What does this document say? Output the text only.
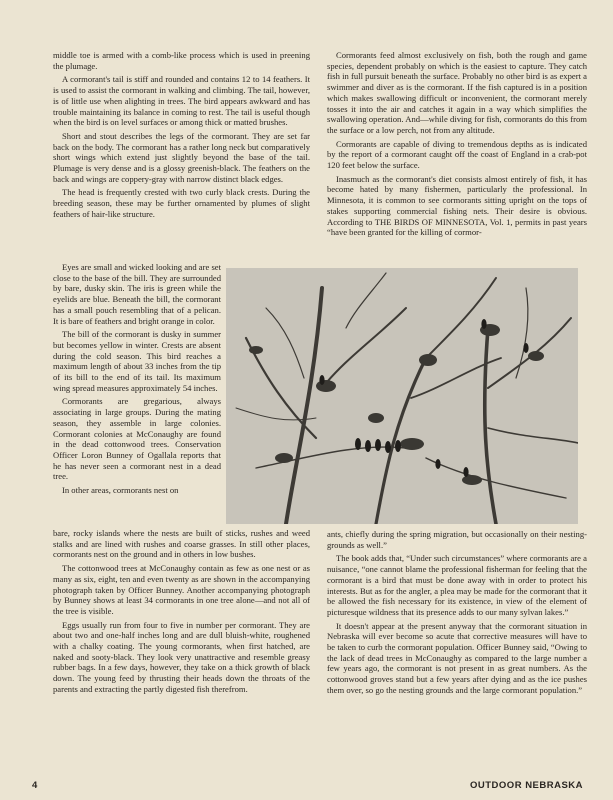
middle toe is armed with a comb-like process which is used in preening the plumage.

A cormorant's tail is stiff and rounded and contains 12 to 14 feathers. It is used to assist the cormorant in walking and climbing. The tail, however, is of little use when alighting in trees. The bird appears awkward and has trouble maintaining its balance in coming to rest. The tail is useful though when the bird is on level surfaces or among thick or matted brushes.

Short and stout describes the legs of the cormorant. They are set far back on the body. The cormorant has a rather long neck but comparatively short wings which extend just slightly beyond the base of the tail. Plumage is very dense and is a glossy greenish-black. The feathers on the back and wings are coppery-gray with narrow distinct black edges.

The head is frequently crested with two curly black crests. During the breeding season, these may be further ornamented by plumes of slight feathers of hair-like structure.

Eyes are small and wicked looking and are set close to the base of the bill. They are surrounded by bare, dusky skin. The iris is green while the eyelids are blue. Beneath the bill, the cormorant has a small pouch resembling that of a pelican. It is bare of feathers and bright orange in color.

The bill of the cormorant is dusky in summer but becomes yellow in winter. Crests are absent during the cold season. This bird reaches a maximum length of about 33 inches from the tip of its bill to the end of its tail. Its maximum wing spread measures approximately 54 inches.

Cormorants are gregarious, always associating in large groups. During the mating season, they assemble in large colonies. Cormorant colonies at McConaughy are found in the dead cottonwood trees. Conservation Officer Loron Bunney of Ogallala reports that he has never seen a cormorant nest in a dead tree.

In other areas, cormorants nest on

bare, rocky islands where the nests are built of sticks, rushes and weed stalks and are lined with rushes and coarse grasses. In still other places, cormorants nest on the ground and in others in low bushes.

The cottonwood trees at McConaughy contain as few as one nest or as many as six, eight, ten and even twenty as are shown in the accompanying photograph taken by Officer Bunney. Another accompanying photograph by Bunney shows at least 34 cormorants in one tree alone—and not all of the tree is visible.

Eggs usually run from four to five in number per cormorant. They are about two and one-half inches long and are dull bluish-white, roughened with a chalky coating. The young cormorants, when first hatched, are naked and sooty-black. They look very unattractive and resemble greasy rubber bags. In a few days, however, they take on a thick growth of black down. The young feed by thrusting their heads down the throats of the parents and extracting the partly digested fish therefrom.

Cormorants feed almost exclusively on fish, both the rough and game species, dependent probably on which is the easiest to capture. They catch fish in full pursuit beneath the surface. Probably no other bird is as expert a swimmer and diver as is the cormorant. If the fish captured is in a position which makes swallowing difficult or inconvenient, the cormorant merely tosses it into the air and catches it again in a way which simplifies the swallowing operation. And—while diving for fish, cormorants do this from the surface or a low perch, not from any altitude.

Cormorants are capable of diving to tremendous depths as is indicated by the report of a cormorant caught off the coast of England in a crab-pot 120 feet below the surface.

Inasmuch as the cormorant's diet consists almost entirely of fish, it has become hated by many fishermen, particularly the professional. In Minnesota, it is common to see cormorants sitting upright on the tops of stakes supporting commercial fishing nets. Their desire is obvious. According to THE BIRDS OF MINNESOTA, Vol. 1, permits in past years “have been granted for the killing of cormor-

ants, chiefly during the spring migration, but occasionally on their nesting-grounds as well.”

The book adds that, “Under such circumstances” where cormorants are a nuisance, “one cannot blame the professional fisherman for feeling that the cormorant is a bird that must be done away with in order to protect his interests. But as for the angler, a plea may be made for the cormorant that it be allowed the fish necessary for its existence, in view of the element of picturesque wildness that its presence adds to our many sylvan lakes.”

It doesn't appear at the present anyway that the cormorant situation in Nebraska will ever become so acute that corrective measures will have to be taken to curb the cormorant population. Officer Bunney said, “Owing to the lack of dead trees in McConaughy as compared to the large number a few years ago, the cormorant is not present in as great numbers. As the cottonwood groves stand but a few years after dying and as the ice pushes them over, so go the nesting grounds and the large cormorant population.”

4	OUTDOOR NEBRASKA
